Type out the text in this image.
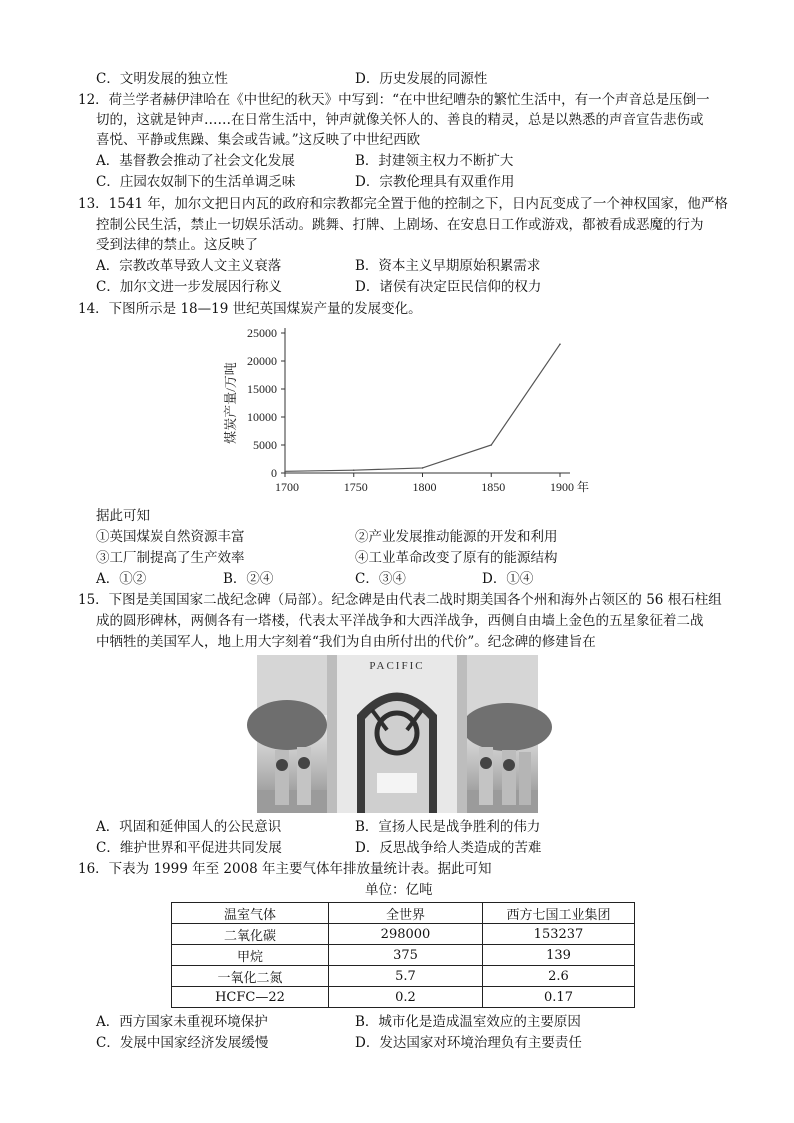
C．文明发展的独立性	D．历史发展的同源性
12．荷兰学者赫伊津哈在《中世纪的秋天》中写到：“在中世纪嘈杂的繁忙生活中，有一个声音总是压倒一
切的，这就是钟声……在日常生活中，钟声就像关怀人的、善良的精灵，总是以熟悉的声音宣告悲伤或
喜悦、平静或焦躁、集会或告诫。”这反映了中世纪西欧
A．基督教会推动了社会文化发展	B．封建领主权力不断扩大
C．庄园农奴制下的生活单调乏味	D．宗教伦理具有双重作用
13．1541 年，加尔文把日内瓦的政府和宗教都完全置于他的控制之下，日内瓦变成了一个神权国家，他严格
控制公民生活，禁止一切娱乐活动。跳舞、打牌、上剧场、在安息日工作或游戏，都被看成恶魔的行为
受到法律的禁止。这反映了
A．宗教改革导致人文主义衰落	B．资本主义早期原始积累需求
C．加尔文进一步发展因行称义	D．诸侯有决定臣民信仰的权力
14．下图所示是 18—19 世纪英国煤炭产量的发展变化。
0
5000
10000
15000
20000
25000
1700	1750	1800	1850	1900 年
煤炭产量/万吨
据此可知
①英国煤炭自然资源丰富	②产业发展推动能源的开发和利用
③工厂制提高了生产效率	④工业革命改变了原有的能源结构
A．①②	B．②④	C．③④	D．①④
15．下图是美国国家二战纪念碑（局部）。纪念碑是由代表二战时期美国各个州和海外占领区的 56 根石柱组
成的圆形碑林，两侧各有一塔楼，代表太平洋战争和大西洋战争，西侧自由墙上金色的五星象征着二战
中牺牲的美国军人，地上用大字刻着“我们为自由所付出的代价”。纪念碑的修建旨在
PACIFIC
A．巩固和延伸国人的公民意识	B．宣扬人民是战争胜利的伟力
C．维护世界和平促进共同发展	D．反思战争给人类造成的苦难
16．下表为 1999 年至 2008 年主要气体年排放量统计表。据此可知
单位：亿吨
温室气体	全世界	西方七国工业集团
二氧化碳	298000	153237
甲烷	375	139
一氧化二氮	5.7	2.6
HCFC—22	0.2	0.17
A．西方国家未重视环境保护	B．城市化是造成温室效应的主要原因
C．发展中国家经济发展缓慢	D．发达国家对环境治理负有主要责任
